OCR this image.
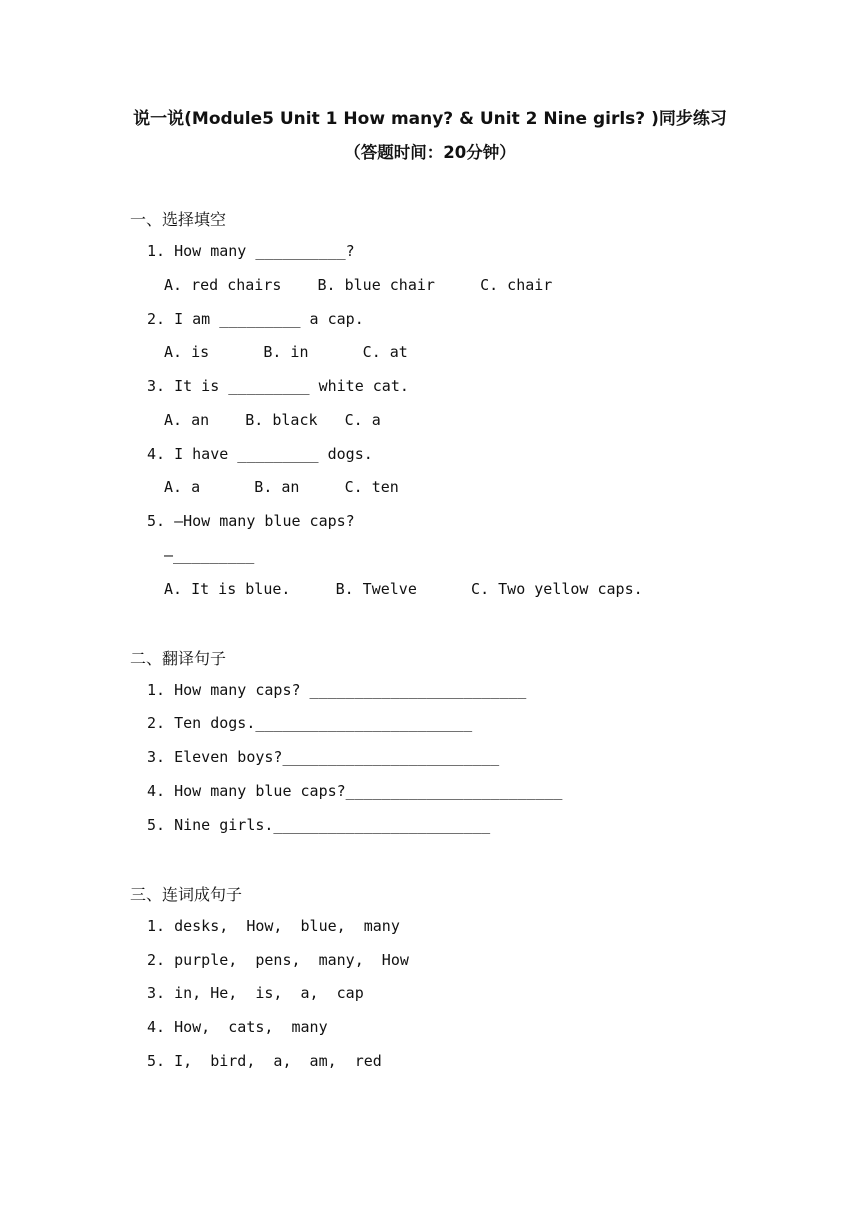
说一说(Module5 Unit 1 How many? & Unit 2 Nine girls? )同步练习
（答题时间：20分钟）
一、选择填空
1. How many __________?
A. red chairs    B. blue chair     C. chair
2. I am _________ a cap.
A. is      B. in      C. at
3. It is _________ white cat.
A. an    B. black   C. a
4. I have _________ dogs.
A. a      B. an     C. ten
5. —How many blue caps?
—_________
A. It is blue.     B. Twelve      C. Two yellow caps.
二、翻译句子
1. How many caps? ________________________
2. Ten dogs.________________________
3. Eleven boys?________________________
4. How many blue caps?________________________
5. Nine girls.________________________
三、连词成句子
1. desks,  How,  blue,  many
2. purple,  pens,  many,  How
3. in, He,  is,  a,  cap
4. How,  cats,  many
5. I,  bird,  a,  am,  red
